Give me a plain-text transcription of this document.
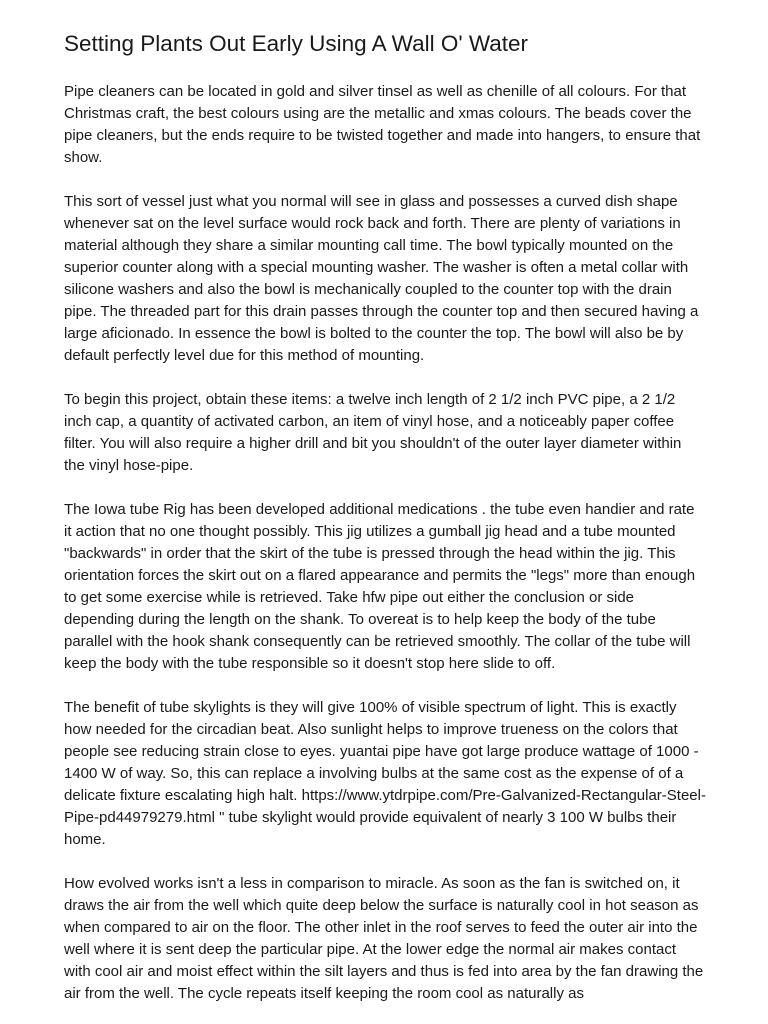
Setting Plants Out Early Using A Wall O' Water

Pipe cleaners can be located in gold and silver tinsel as well as chenille of all colours. For that Christmas craft, the best colours using are the metallic and xmas colours. The beads cover the pipe cleaners, but the ends require to be twisted together and made into hangers, to ensure that show.

This sort of vessel just what you normal will see in glass and possesses a curved dish shape whenever sat on the level surface would rock back and forth. There are plenty of variations in material although they share a similar mounting call time. The bowl typically mounted on the superior counter along with a special mounting washer. The washer is often a metal collar with silicone washers and also the bowl is mechanically coupled to the counter top with the drain pipe. The threaded part for this drain passes through the counter top and then secured having a large aficionado. In essence the bowl is bolted to the counter the top. The bowl will also be by default perfectly level due for this method of mounting.

To begin this project, obtain these items: a twelve inch length of 2 1/2 inch PVC pipe, a 2 1/2 inch cap, a quantity of activated carbon, an item of vinyl hose, and a noticeably paper coffee filter. You will also require a higher drill and bit you shouldn't of the outer layer diameter within the vinyl hose-pipe.

The Iowa tube Rig has been developed additional medications . the tube even handier and rate it action that no one thought possibly. This jig utilizes a gumball jig head and a tube mounted "backwards" in order that the skirt of the tube is pressed through the head within the jig. This orientation forces the skirt out on a flared appearance and permits the "legs" more than enough to get some exercise while is retrieved. Take hfw pipe out either the conclusion or side depending during the length on the shank. To overeat is to help keep the body of the tube parallel with the hook shank consequently can be retrieved smoothly. The collar of the tube will keep the body with the tube responsible so it doesn't stop here slide to off.

The benefit of tube skylights is they will give 100% of visible spectrum of light. This is exactly how needed for the circadian beat. Also sunlight helps to improve trueness on the colors that people see reducing strain close to eyes. yuantai pipe have got large produce wattage of 1000 - 1400 W of way. So, this can replace a involving bulbs at the same cost as the expense of of a delicate fixture escalating high halt. https://www.ytdrpipe.com/Pre-Galvanized-Rectangular-Steel-Pipe-pd44979279.html " tube skylight would provide equivalent of nearly 3 100 W bulbs their home.

How evolved works isn't a less in comparison to miracle. As soon as the fan is switched on, it draws the air from the well which quite deep below the surface is naturally cool in hot season as when compared to air on the floor. The other inlet in the roof serves to feed the outer air into the well where it is sent deep the particular pipe. At the lower edge the normal air makes contact with cool air and moist effect within the silt layers and thus is fed into area by the fan drawing the air from the well. The cycle repeats itself keeping the room cool as naturally as
